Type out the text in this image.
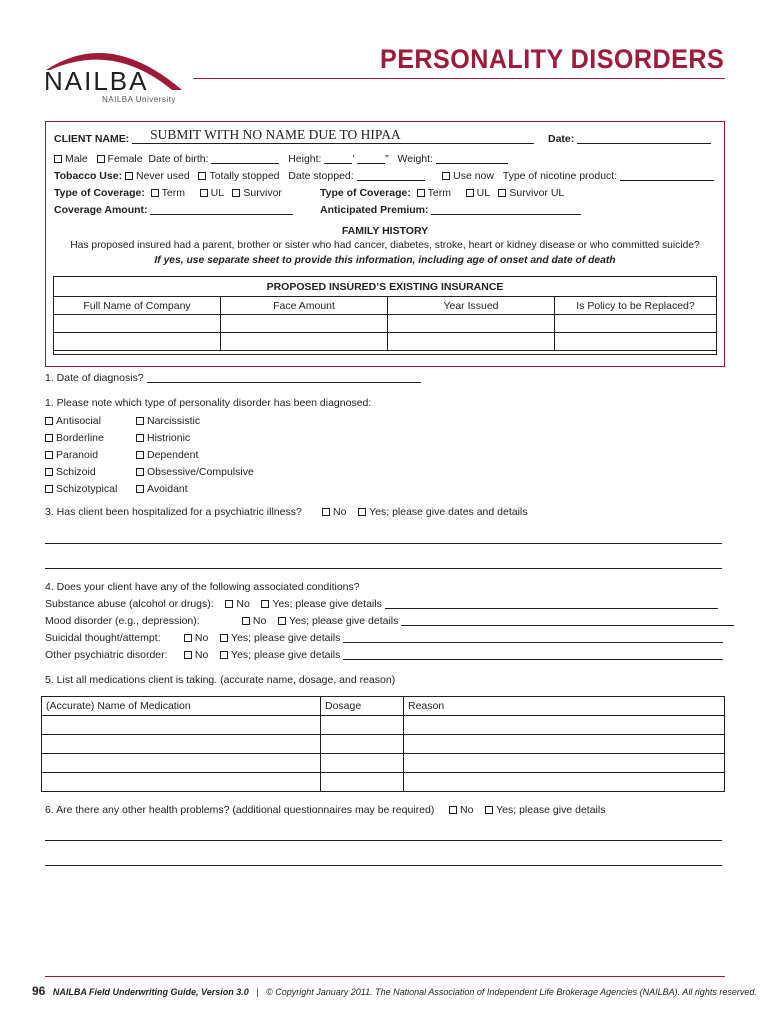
NAILBA
NAILBA University
PERSONALITY DISORDERS
CLIENT NAME: SUBMIT WITH NO NAME DUE TO HIPAA	Date:
Male Female Date of birth:	Height:	’	” Weight:
Tobacco Use: Never used Totally stopped Date stopped:	Use now Type of nicotine product:
Type of Coverage: Term UL Survivor	Type of Coverage: Term UL Survivor UL
Coverage Amount:	Anticipated Premium:
FAMILY HISTORY
Has proposed insured had a parent, brother or sister who had cancer, diabetes, stroke, heart or kidney disease or who committed suicide?
If yes, use separate sheet to provide this information, including age of onset and date of death
PROPOSED INSURED’S EXISTING INSURANCE
Full Name of Company	Face Amount	Year Issued	Is Policy to be Replaced?

1. Date of diagnosis?
1. Please note which type of personality disorder has been diagnosed:
Antisocial
Borderline
Paranoid
Schizoid
Schizotypical
Narcissistic
Histrionic
Dependent
Obsessive/Compulsive
Avoidant
3. Has client been hospitalized for a psychiatric illness?	No Yes; please give dates and details
4. Does your client have any of the following associated conditions?
Substance abuse (alcohol or drugs): No Yes; please give details
Mood disorder (e.g., depression):	No Yes; please give details
Suicidal thought/attempt:	No Yes; please give details
Other psychiatric disorder:	No Yes; please give details
5. List all medications client is taking. (accurate name, dosage, and reason)
(Accurate) Name of Medication	Dosage	Reason

6. Are there any other health problems? (additional questionnaires may be required)	No Yes; please give details
96 NAILBA Field Underwriting Guide, Version 3.0 | © Copyright January 2011. The National Association of Independent Life Brokerage Agencies (NAILBA). All rights reserved.
